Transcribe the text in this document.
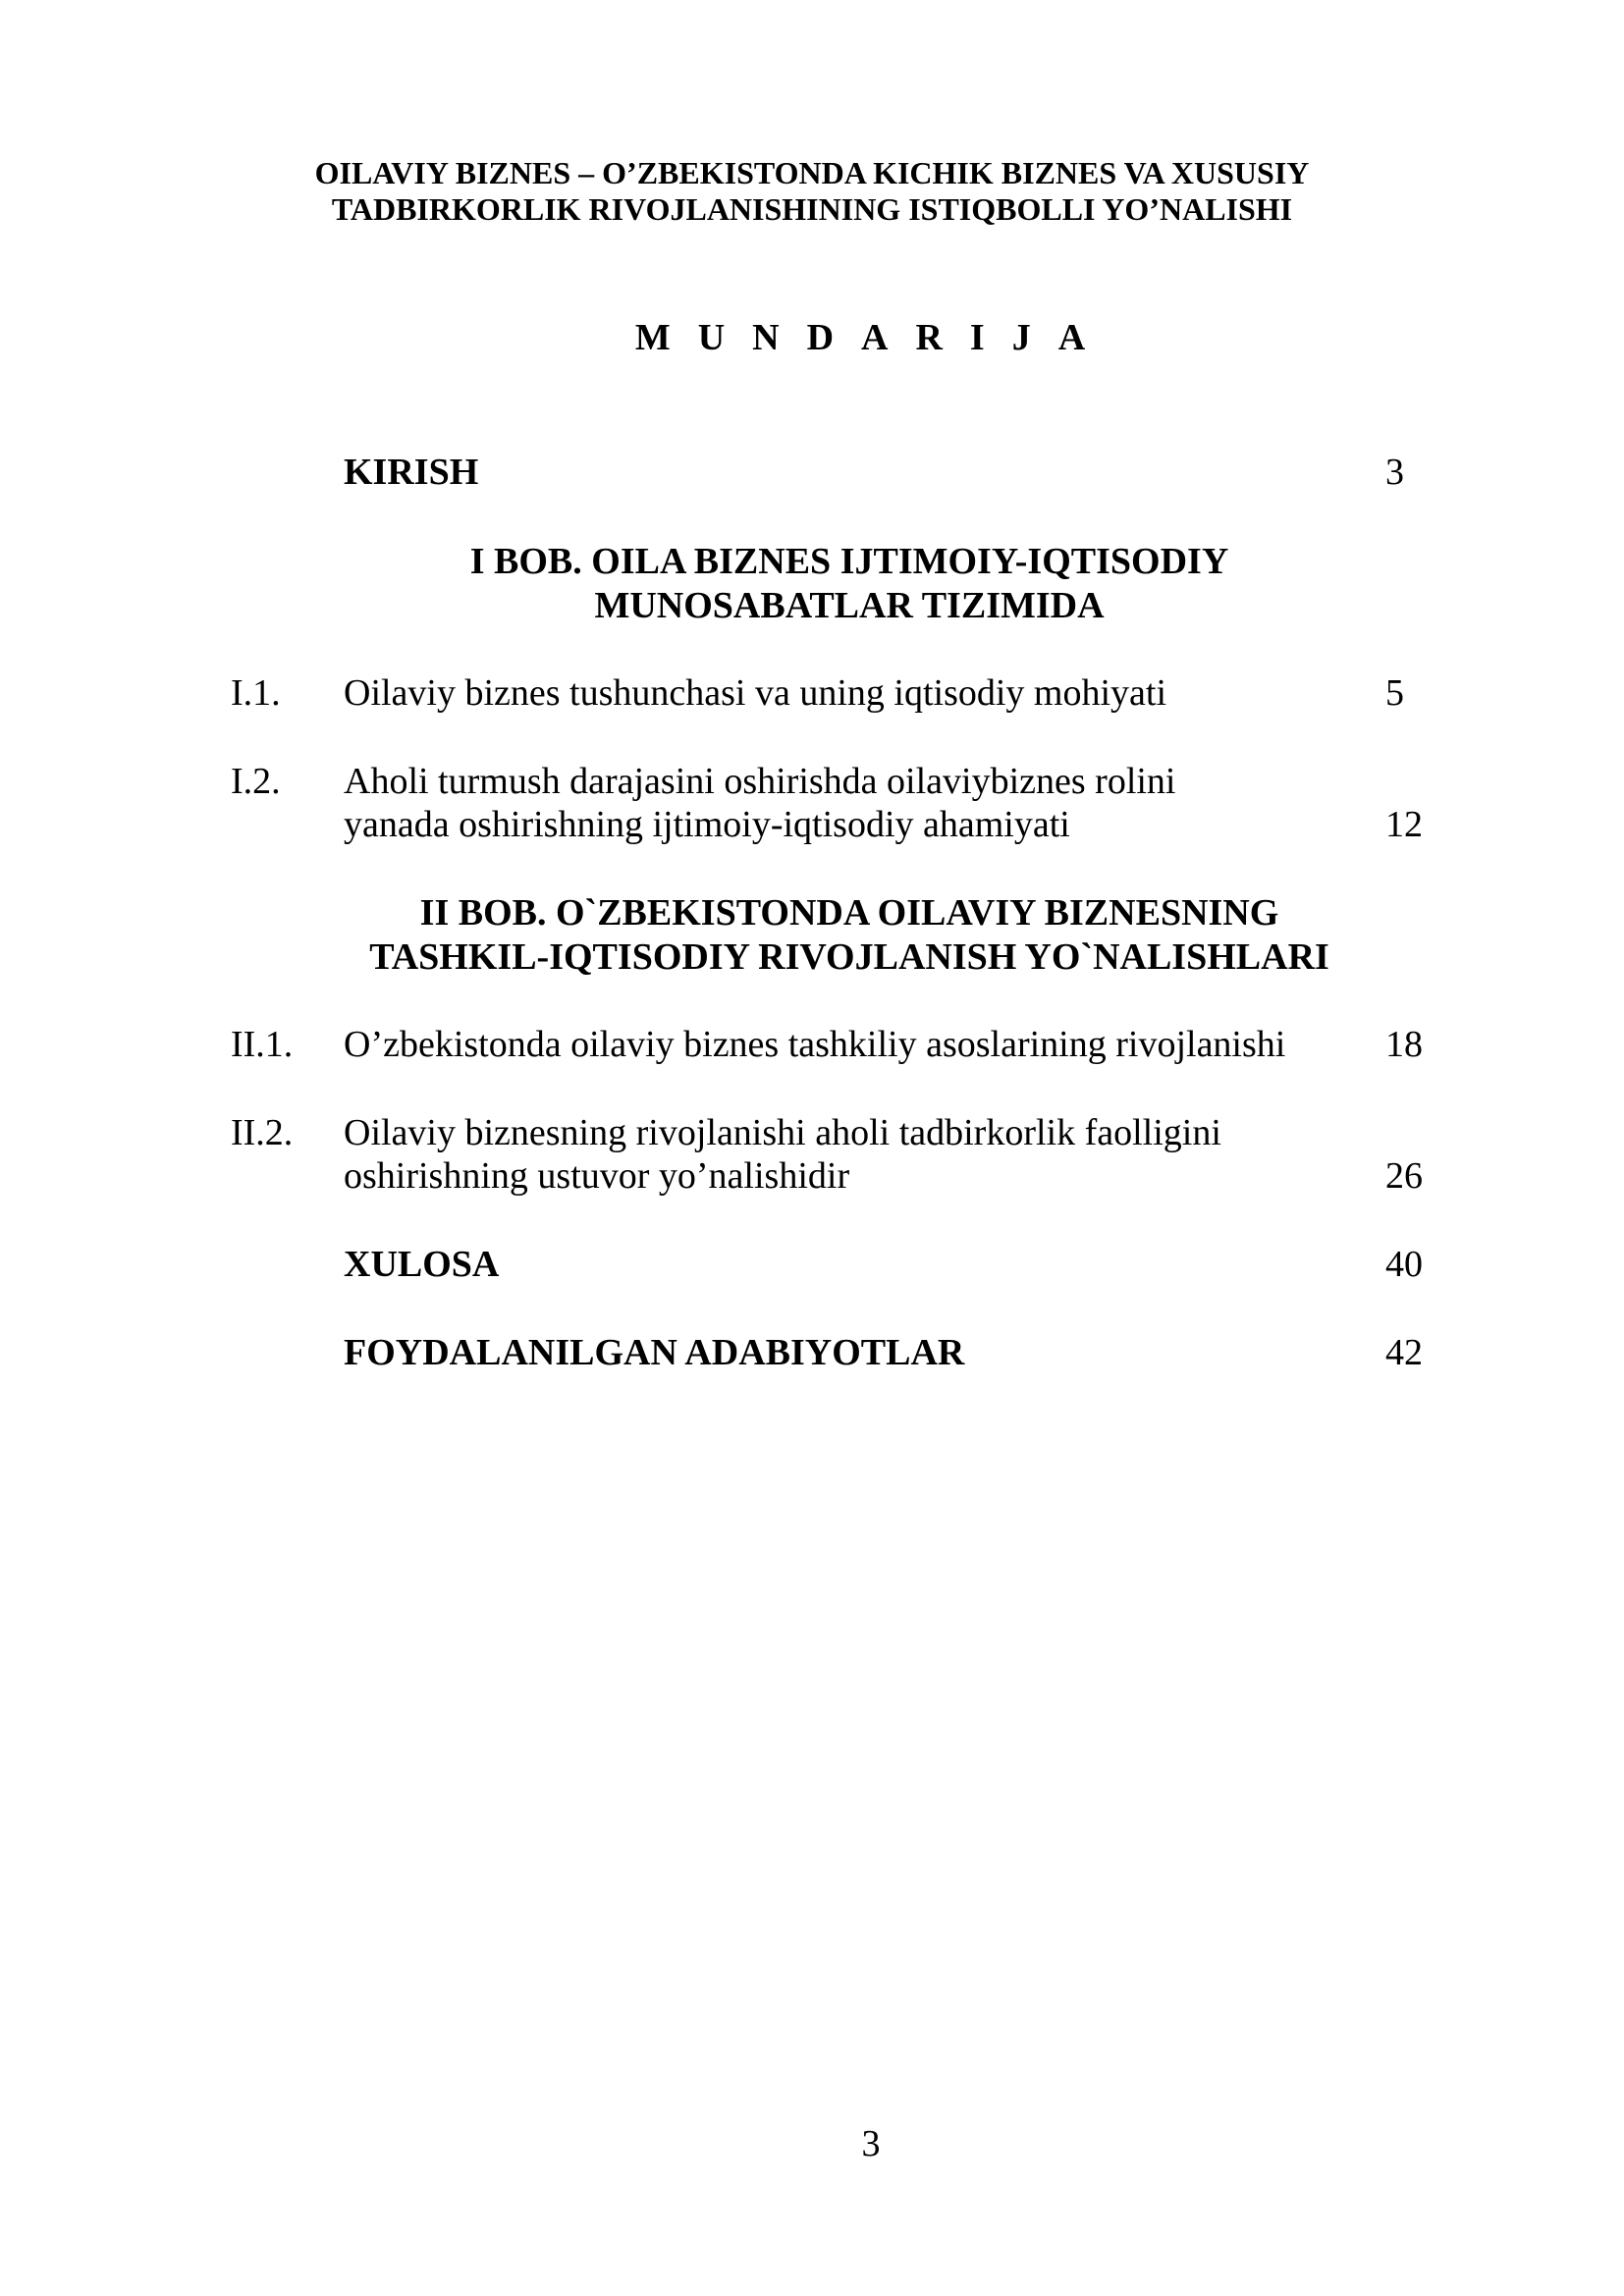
OILAVIY BIZNES – O’ZBEKISTONDA KICHIK BIZNES VA XUSUSIY
TADBIRKORLIK RIVOJLANISHINING ISTIQBOLLI YO’NALISHI
MUNDARIJA
KIRISH	3
I BOB. OILA BIZNES IJTIMOIY-IQTISODIY
MUNOSABATLAR TIZIMIDA
I.1. Oilaviy biznes tushunchasi va uning iqtisodiy mohiyati	5
I.2. Aholi turmush darajasini oshirishda oilaviybiznes rolini
yanada oshirishning ijtimoiy-iqtisodiy ahamiyati	12
II BOB. O`ZBEKISTONDA OILAVIY BIZNESNING
TASHKIL-IQTISODIY RIVOJLANISH YO`NALISHLARI
II.1. O’zbekistonda oilaviy biznes tashkiliy asoslarining rivojlanishi	18
II.2. Oilaviy biznesning rivojlanishi aholi tadbirkorlik faolligini
oshirishning ustuvor yo’nalishidir	26
XULOSA	40
FOYDALANILGAN ADABIYOTLAR	42
3
